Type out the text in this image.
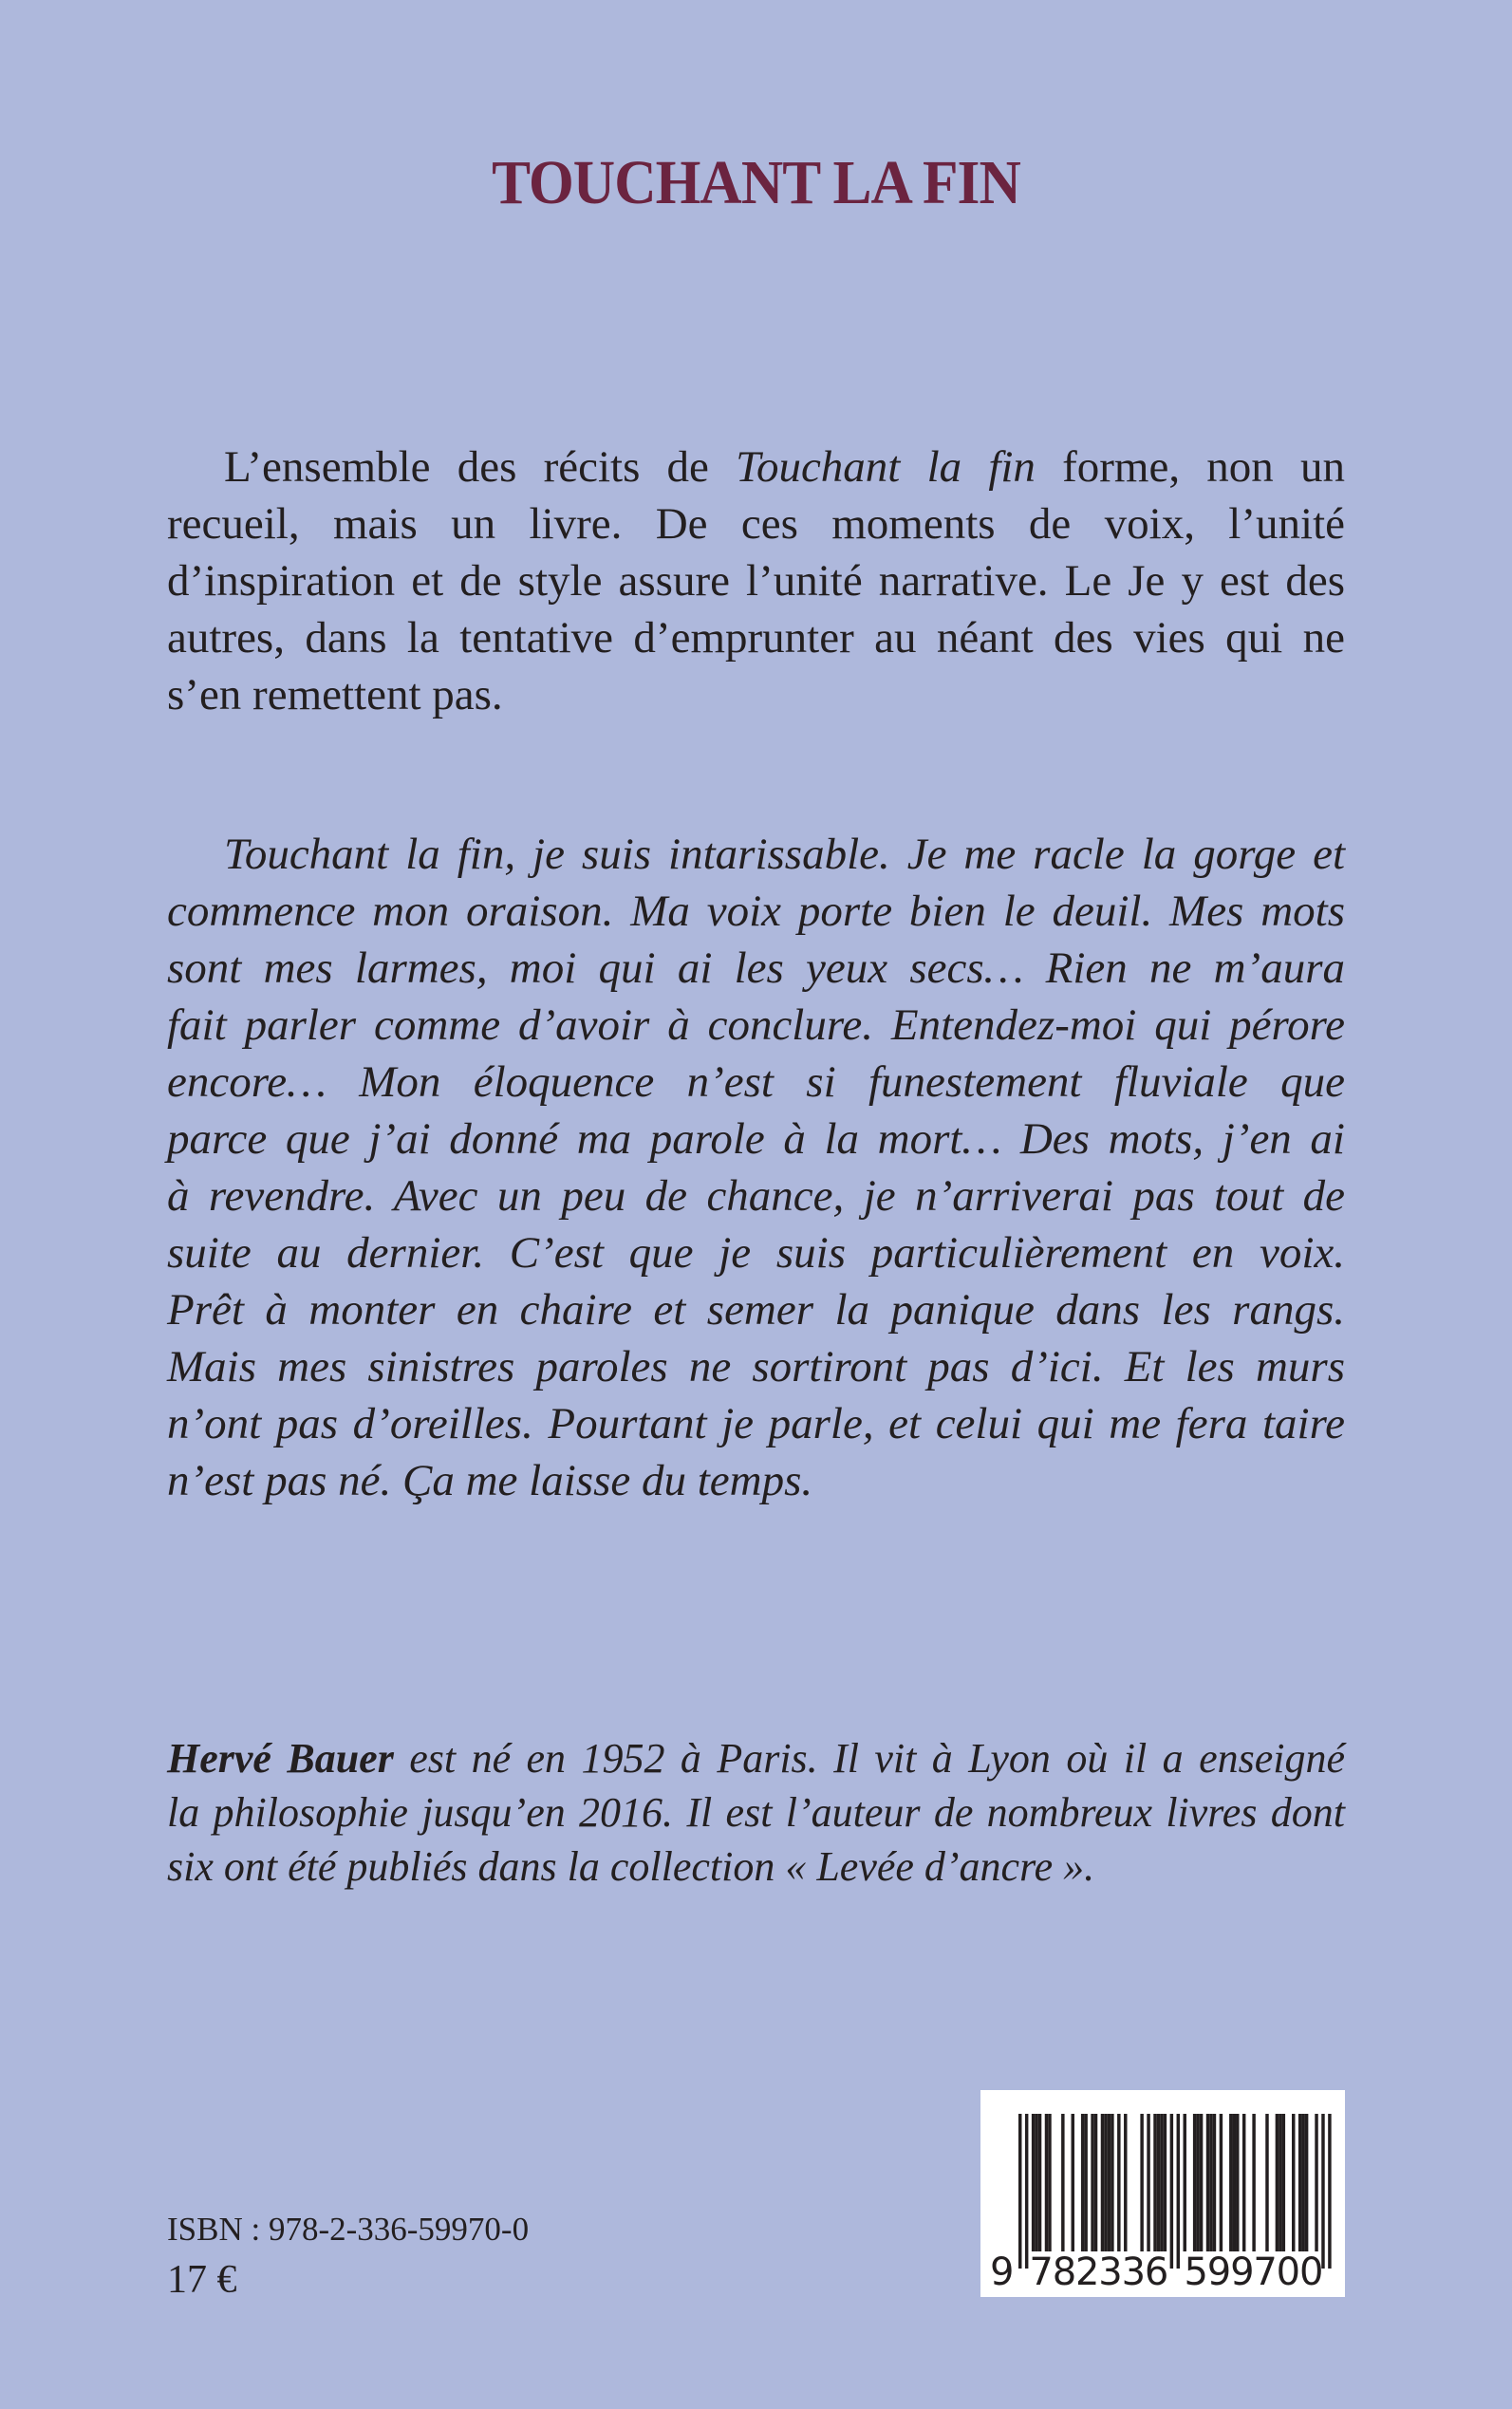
TOUCHANT LA FIN
L’ensemble des récits de Touchant la fin forme, non un
recueil, mais un livre. De ces moments de voix, l’unité
d’inspiration et de style assure l’unité narrative. Le Je y est des
autres, dans la tentative d’emprunter au néant des vies qui ne
s’en remettent pas.
Touchant la fin, je suis intarissable. Je me racle la gorge et
commence mon oraison. Ma voix porte bien le deuil. Mes mots
sont mes larmes, moi qui ai les yeux secs… Rien ne m’aura
fait parler comme d’avoir à conclure. Entendez-moi qui pérore
encore… Mon éloquence n’est si funestement fluviale que
parce que j’ai donné ma parole à la mort… Des mots, j’en ai
à revendre. Avec un peu de chance, je n’arriverai pas tout de
suite au dernier. C’est que je suis particulièrement en voix.
Prêt à monter en chaire et semer la panique dans les rangs.
Mais mes sinistres paroles ne sortiront pas d’ici. Et les murs
n’ont pas d’oreilles. Pourtant je parle, et celui qui me fera taire
n’est pas né. Ça me laisse du temps.
Hervé Bauer est né en 1952 à Paris. Il vit à Lyon où il a enseigné
la philosophie jusqu’en 2016. Il est l’auteur de nombreux livres dont
six ont été publiés dans la collection « Levée d’ancre ».
ISBN : 978-2-336-59970-0
17 €	9 7
8
2
3
3
6 5
9
9
7
0
0
